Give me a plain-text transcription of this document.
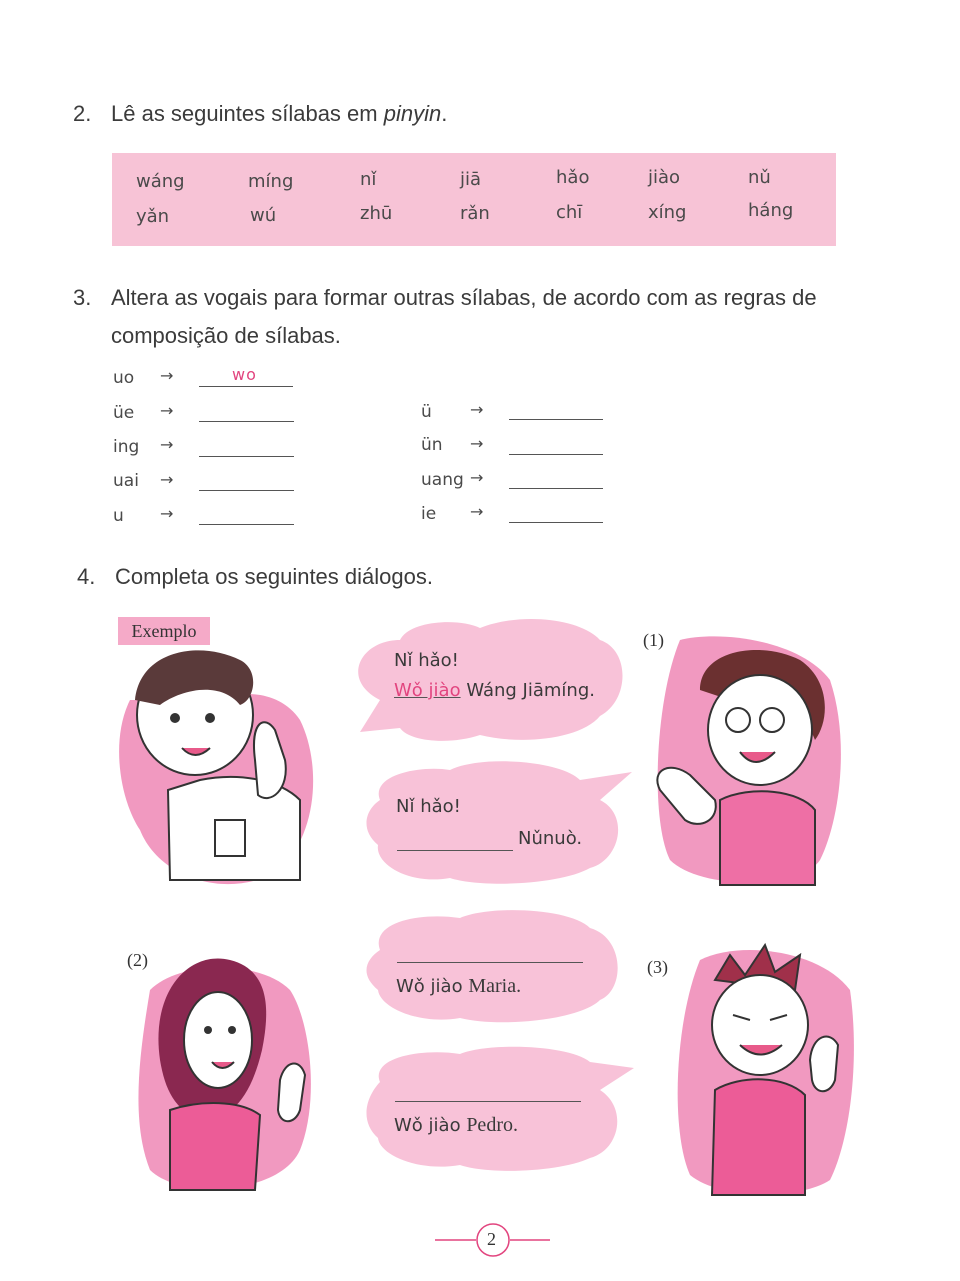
2. Lê as seguintes sílabas em pinyin.
wáng	míng	nǐ	jiā	hǎo	jiào	nǔ
yǎn	wú	zhū	rǎn	chī	xíng	háng
3. Altera as vogais para formar outras sílabas, de acordo com as regras de
composição de sílabas.
uo →	wo
üe →
ing →
uai →
u →
ü →
ün →
uang →
ie →
4. Completa os seguintes diálogos.
Exemplo	(1)
(2)	(3)
Nǐ hǎo!
Wǒ jiào Wáng Jiāmíng.
Nǐ hǎo!
Nǔnuò.
Wǒ jiào Maria.
Wǒ jiào Pedro.
2
